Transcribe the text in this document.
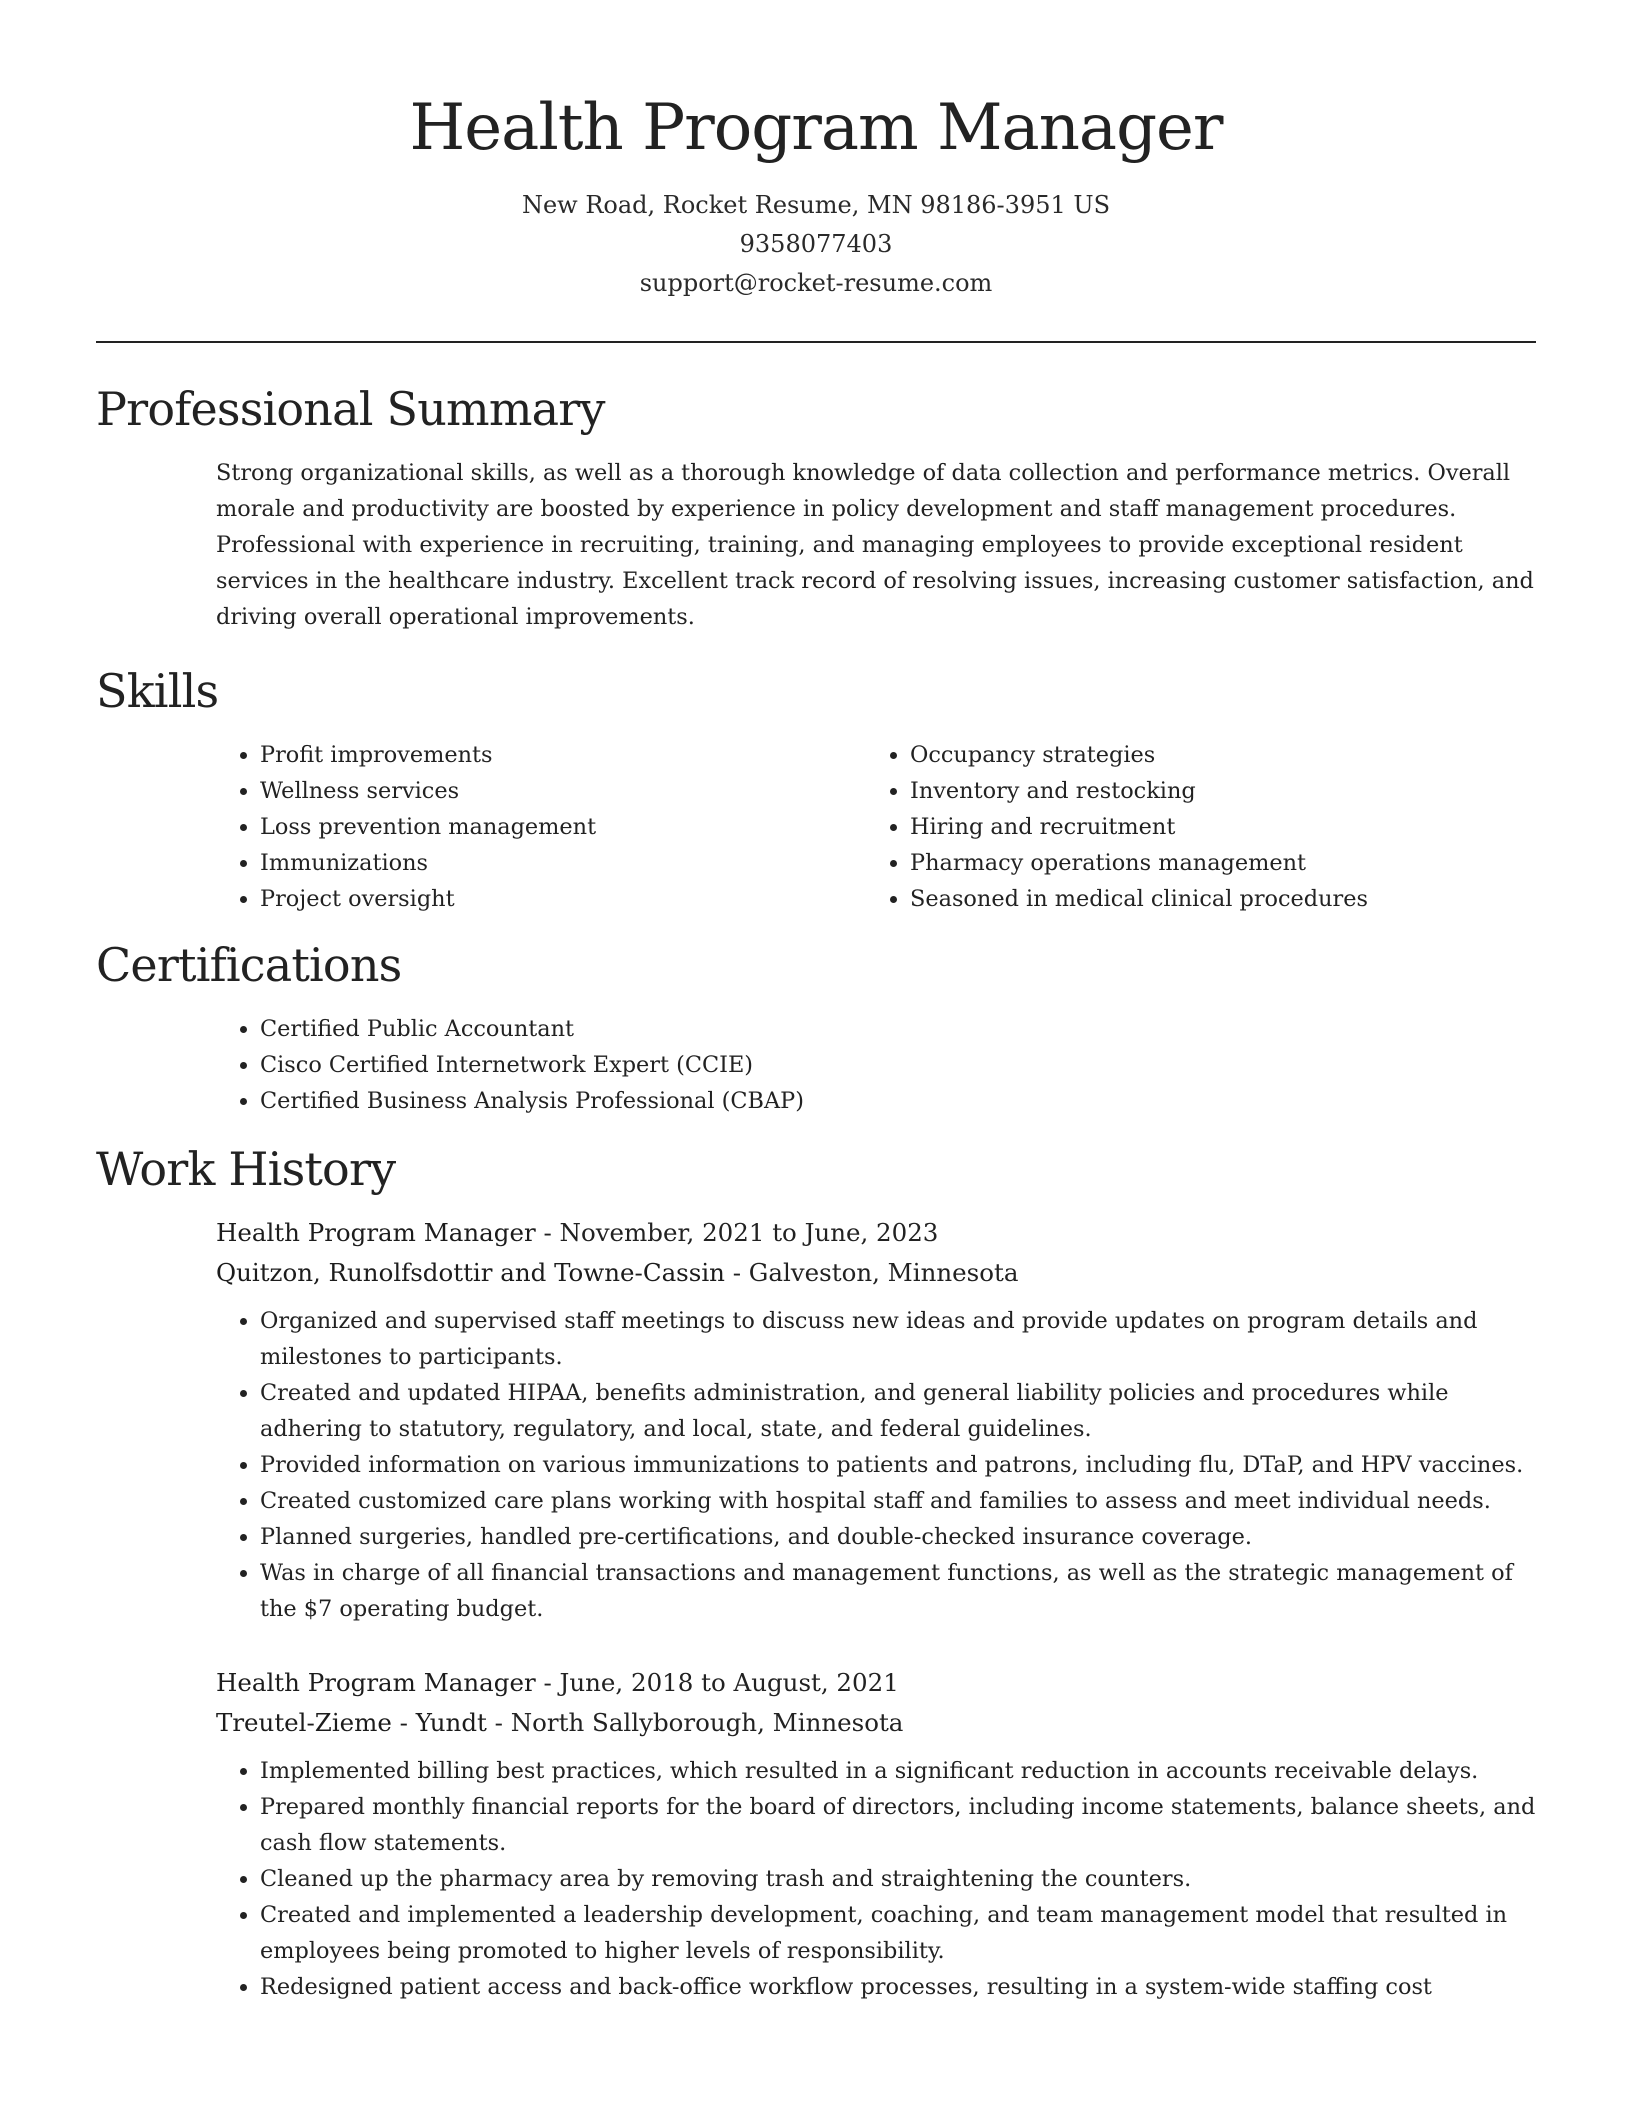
Health Program Manager
New Road, Rocket Resume, MN 98186-3951 US
9358077403
support@rocket-resume.com
Professional Summary

Strong organizational skills, as well as a thorough knowledge of data collection and performance metrics. Overall morale and productivity are boosted by experience in policy development and staff management procedures. Professional with experience in recruiting, training, and managing employees to provide exceptional resident services in the healthcare industry. Excellent track record of resolving issues, increasing customer satisfaction, and driving overall operational improvements.

Skills
• Profit improvements
• Wellness services
• Loss prevention management
• Immunizations
• Project oversight
• Occupancy strategies
• Inventory and restocking
• Hiring and recruitment
• Pharmacy operations management
• Seasoned in medical clinical procedures
Certifications
• Certified Public Accountant
• Cisco Certified Internetwork Expert (CCIE)
• Certified Business Analysis Professional (CBAP)
Work History
Health Program Manager - November, 2021 to June, 2023
Quitzon, Runolfsdottir and Towne-Cassin - Galveston, Minnesota
• Organized and supervised staff meetings to discuss new ideas and provide updates on program details and milestones to participants.
• Created and updated HIPAA, benefits administration, and general liability policies and procedures while adhering to statutory, regulatory, and local, state, and federal guidelines.
• Provided information on various immunizations to patients and patrons, including flu, DTaP, and HPV vaccines.
• Created customized care plans working with hospital staff and families to assess and meet individual needs.
• Planned surgeries, handled pre-certifications, and double-checked insurance coverage.
• Was in charge of all financial transactions and management functions, as well as the strategic management of the $7 operating budget.
Health Program Manager - June, 2018 to August, 2021
Treutel-Zieme - Yundt - North Sallyborough, Minnesota
• Implemented billing best practices, which resulted in a significant reduction in accounts receivable delays.
• Prepared monthly financial reports for the board of directors, including income statements, balance sheets, and cash flow statements.
• Cleaned up the pharmacy area by removing trash and straightening the counters.
• Created and implemented a leadership development, coaching, and team management model that resulted in employees being promoted to higher levels of responsibility.
• Redesigned patient access and back-office workflow processes, resulting in a system-wide staffing cost
